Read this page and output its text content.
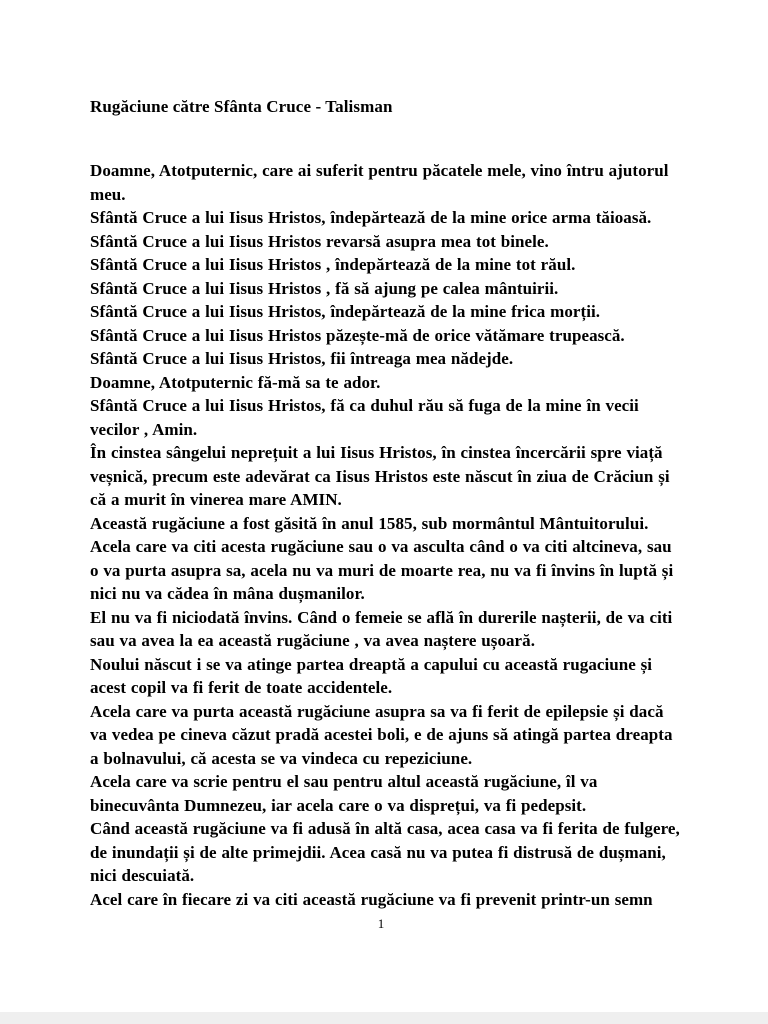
Rugăciune către Sfânta Cruce - Talisman

Doamne, Atotputernic, care ai suferit pentru păcatele mele, vino întru ajutorul meu.

Sfântă Cruce a lui Iisus Hristos, îndepărtează de la mine orice arma tăioasă.

Sfântă Cruce a lui Iisus Hristos revarsă asupra mea tot binele.

Sfântă Cruce a lui Iisus Hristos , îndepărtează de la mine tot răul.

Sfântă Cruce a lui Iisus Hristos , fă să ajung pe calea mântuirii.

Sfântă Cruce a lui Iisus Hristos, îndepărtează de la mine frica morții.

Sfântă Cruce a lui Iisus Hristos păzește-mă de orice vătămare trupească.

Sfântă Cruce a lui Iisus Hristos, fii întreaga mea nădejde.

Doamne, Atotputernic fă-mă sa te ador.

Sfântă Cruce a lui Iisus Hristos, fă ca duhul rău să fuga de la mine în vecii vecilor , Amin.

În cinstea sângelui neprețuit a lui Iisus Hristos, în cinstea încercării spre viață veșnică, precum este adevărat ca Iisus Hristos este născut în ziua de Crăciun și că a murit în vinerea mare AMIN.

Această rugăciune a fost găsită în anul 1585, sub mormântul Mântuitorului.

Acela care va citi acesta rugăciune sau o va asculta când o va citi altcineva, sau o va purta asupra sa, acela nu va muri de moarte rea, nu va fi învins în luptă și nici nu va cădea în mâna dușmanilor.

El nu va fi niciodată învins. Când o femeie se află în durerile nașterii, de va citi sau va avea la ea această rugăciune , va avea naștere ușoară.

Noului născut i se va atinge partea dreaptă a capului cu această rugaciune și acest copil va fi ferit de toate accidentele.

Acela care va purta această rugăciune asupra sa va fi ferit de epilepsie și dacă va vedea pe cineva căzut pradă acestei boli, e de ajuns să atingă partea dreapta a bolnavului, că acesta se va vindeca cu repeziciune.

Acela care va scrie pentru el sau pentru altul această rugăciune, îl va binecuvânta Dumnezeu, iar acela care o va disprețui, va fi pedepsit.

Când această rugăciune va fi adusă în altă casa, acea casa va fi ferita de fulgere, de inundații și de alte primejdii. Acea casă nu va putea fi distrusă de dușmani, nici descuiată.

Acel care în fiecare zi va citi această rugăciune va fi prevenit printr-un semn

1
